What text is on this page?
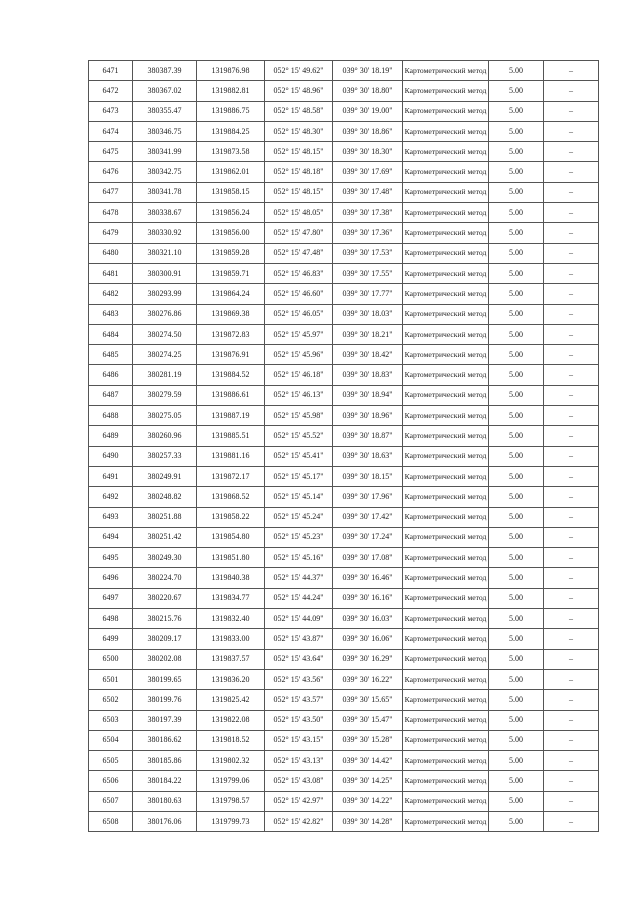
6471	380387.39	1319876.98	052° 15' 49.62"	039° 30' 18.19"	Картометрический метод	5.00	–
6472	380367.02	1319882.81	052° 15' 48.96"	039° 30' 18.80"	Картометрический метод	5.00	–
6473	380355.47	1319886.75	052° 15' 48.58"	039° 30' 19.00"	Картометрический метод	5.00	–
6474	380346.75	1319884.25	052° 15' 48.30"	039° 30' 18.86"	Картометрический метод	5.00	–
6475	380341.99	1319873.58	052° 15' 48.15"	039° 30' 18.30"	Картометрический метод	5.00	–
6476	380342.75	1319862.01	052° 15' 48.18"	039° 30' 17.69"	Картометрический метод	5.00	–
6477	380341.78	1319858.15	052° 15' 48.15"	039° 30' 17.48"	Картометрический метод	5.00	–
6478	380338.67	1319856.24	052° 15' 48.05"	039° 30' 17.38"	Картометрический метод	5.00	–
6479	380330.92	1319856.00	052° 15' 47.80"	039° 30' 17.36"	Картометрический метод	5.00	–
6480	380321.10	1319859.28	052° 15' 47.48"	039° 30' 17.53"	Картометрический метод	5.00	–
6481	380300.91	1319859.71	052° 15' 46.83"	039° 30' 17.55"	Картометрический метод	5.00	–
6482	380293.99	1319864.24	052° 15' 46.60"	039° 30' 17.77"	Картометрический метод	5.00	–
6483	380276.86	1319869.38	052° 15' 46.05"	039° 30' 18.03"	Картометрический метод	5.00	–
6484	380274.50	1319872.83	052° 15' 45.97"	039° 30' 18.21"	Картометрический метод	5.00	–
6485	380274.25	1319876.91	052° 15' 45.96"	039° 30' 18.42"	Картометрический метод	5.00	–
6486	380281.19	1319884.52	052° 15' 46.18"	039° 30' 18.83"	Картометрический метод	5.00	–
6487	380279.59	1319886.61	052° 15' 46.13"	039° 30' 18.94"	Картометрический метод	5.00	–
6488	380275.05	1319887.19	052° 15' 45.98"	039° 30' 18.96"	Картометрический метод	5.00	–
6489	380260.96	1319885.51	052° 15' 45.52"	039° 30' 18.87"	Картометрический метод	5.00	–
6490	380257.33	1319881.16	052° 15' 45.41"	039° 30' 18.63"	Картометрический метод	5.00	–
6491	380249.91	1319872.17	052° 15' 45.17"	039° 30' 18.15"	Картометрический метод	5.00	–
6492	380248.82	1319868.52	052° 15' 45.14"	039° 30' 17.96"	Картометрический метод	5.00	–
6493	380251.88	1319858.22	052° 15' 45.24"	039° 30' 17.42"	Картометрический метод	5.00	–
6494	380251.42	1319854.80	052° 15' 45.23"	039° 30' 17.24"	Картометрический метод	5.00	–
6495	380249.30	1319851.80	052° 15' 45.16"	039° 30' 17.08"	Картометрический метод	5.00	–
6496	380224.70	1319840.38	052° 15' 44.37"	039° 30' 16.46"	Картометрический метод	5.00	–
6497	380220.67	1319834.77	052° 15' 44.24"	039° 30' 16.16"	Картометрический метод	5.00	–
6498	380215.76	1319832.40	052° 15' 44.09"	039° 30' 16.03"	Картометрический метод	5.00	–
6499	380209.17	1319833.00	052° 15' 43.87"	039° 30' 16.06"	Картометрический метод	5.00	–
6500	380202.08	1319837.57	052° 15' 43.64"	039° 30' 16.29"	Картометрический метод	5.00	–
6501	380199.65	1319836.20	052° 15' 43.56"	039° 30' 16.22"	Картометрический метод	5.00	–
6502	380199.76	1319825.42	052° 15' 43.57"	039° 30' 15.65"	Картометрический метод	5.00	–
6503	380197.39	1319822.08	052° 15' 43.50"	039° 30' 15.47"	Картометрический метод	5.00	–
6504	380186.62	1319818.52	052° 15' 43.15"	039° 30' 15.28"	Картометрический метод	5.00	–
6505	380185.86	1319802.32	052° 15' 43.13"	039° 30' 14.42"	Картометрический метод	5.00	–
6506	380184.22	1319799.06	052° 15' 43.08"	039° 30' 14.25"	Картометрический метод	5.00	–
6507	380180.63	1319798.57	052° 15' 42.97"	039° 30' 14.22"	Картометрический метод	5.00	–
6508	380176.06	1319799.73	052° 15' 42.82"	039° 30' 14.28"	Картометрический метод	5.00	–
